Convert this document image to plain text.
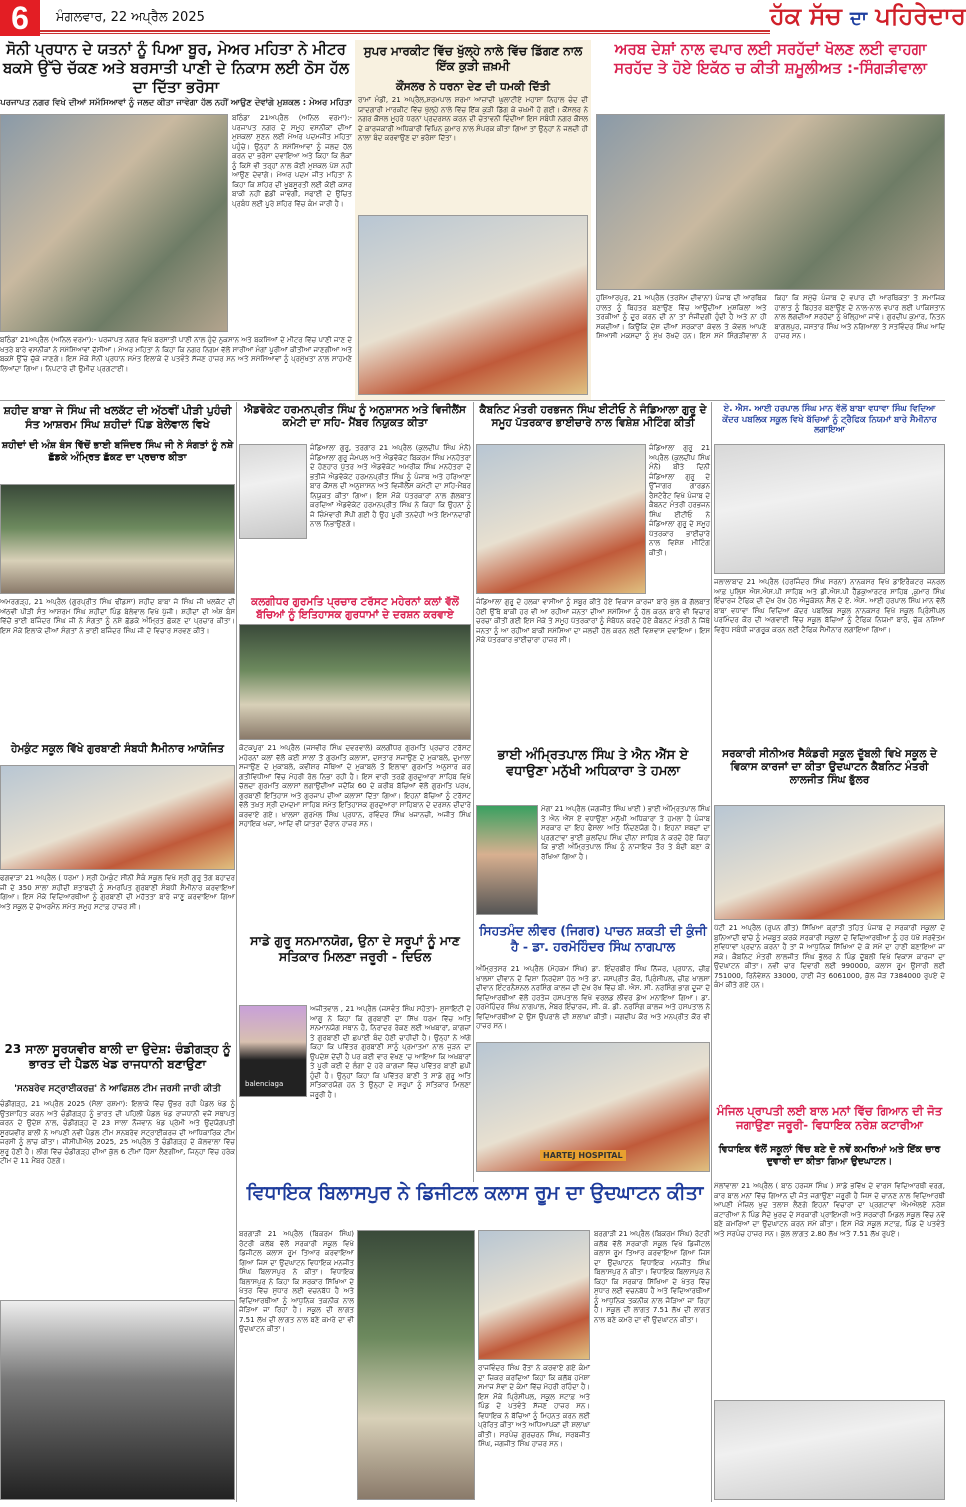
6	ਮੰਗਲਵਾਰ, 22 ਅਪ੍ਰੈਲ 2025	ਹੱਕ ਸੱਚ ਦਾ ਪਹਿਰੇਦਾਰ
ਸੋਨੀ ਪ੍ਰਧਾਨ ਦੇ ਯਤਨਾਂ ਨੂੰ ਪਿਆ ਬੂਰ, ਮੇਅਰ ਮਹਿਤਾ ਨੇ ਮੀਟਰ ਬਕਸੇ ਉੱਚੇ ਚੱਕਣ ਅਤੇ ਬਰਸਾਤੀ ਪਾਣੀ ਦੇ ਨਿਕਾਸ ਲਈ ਠੋਸ ਹੱਲ ਦਾ ਦਿੱਤਾ ਭਰੋਸਾ
ਪਰਜਾਪਤ ਨਗਰ ਵਿਖੇ ਦੀਆਂ ਸਮੱਸਿਆਵਾਂ ਨੂੰ ਜਲਦ ਕੀਤਾ ਜਾਵੇਗਾ ਹੱਲ ਨਹੀਂ ਆਉਣ ਦੇਵਾਂਗੇ ਮੁਸ਼ਕਲ : ਮੇਅਰ ਮਹਿਤਾ
ਬਠਿੰਡਾ 21ਅਪ੍ਰੈਲ (ਅਨਿਲ ਵਰਮਾ):- ਪਰਜਾਪਤ ਨਗਰ ਦੇ ਸਮੂਹ ਵਸਨੀਕਾਂ ਦੀਆਂ ਮੁਸ਼ਕਲਾਂ ਸੁਣਨ ਲਈ ਮੇਅਰ ਪਦਮਜੀਤ ਮਹਿਤਾ ਪਹੁੰਚੇ। ਉਨ੍ਹਾਂ ਨੇ ਸਮੱਸਿਆਵਾਂ ਨੂੰ ਜਲਦ ਹੱਲ ਕਰਨ ਦਾ ਭਰੋਸਾ ਦਵਾਇਆ ਅਤੇ ਕਿਹਾ ਕਿ ਲੋਕਾਂ ਨੂੰ ਕਿਸੇ ਵੀ ਤਰ੍ਹਾਂ ਨਾਲ ਕੋਈ ਮੁਸ਼ਕਲ ਪੇਸ਼ ਨਹੀਂ ਆਉਣ ਦੇਵਾਂਗੇ। ਮੇਅਰ ਪਦਮ ਜੀਤ ਮਹਿਤਾ ਨੇ ਕਿਹਾ ਕਿ ਸ਼ਹਿਰ ਦੀ ਖੂਬਸੂਰਤੀ ਲਈ ਕੋਈ ਕਸਰ ਬਾਕੀ ਨਹੀਂ ਛੱਡੀ ਜਾਵੇਗੀ, ਸਫਾਈ ਦੇ ਉਚਿਤ ਪ੍ਰਬੰਧ ਲਈ ਪੂਰੇ ਸ਼ਹਿਰ ਵਿੱਚ ਕੰਮ ਜਾਰੀ ਹੈ।
ਬਠਿੰਡਾ 21ਅਪ੍ਰੈਲ (ਅਨਿਲ ਵਰਮਾ):- ਪਰਜਾਪਤ ਨਗਰ ਵਿਖੇ ਬਰਸਾਤੀ ਪਾਣੀ ਨਾਲ ਹੁੰਦੇ ਨੁਕਸਾਨ ਅਤੇ ਬਕਸਿਆਂ ਦੇ ਮੀਟਰ ਵਿੱਚ ਪਾਣੀ ਜਾਣ ਦੇ ਖਤਰੇ ਬਾਰੇ ਵਸਨੀਕਾਂ ਨੇ ਸਮੱਸਿਆਵਾਂ ਦੱਸੀਆਂ। ਮੇਅਰ ਮਹਿਤਾ ਨੇ ਕਿਹਾ ਕਿ ਨਗਰ ਨਿਗਮ ਵੱਲੋਂ ਸਾਰੀਆਂ ਮੰਗਾਂ ਪੂਰੀਆਂ ਕੀਤੀਆਂ ਜਾਣਗੀਆਂ ਅਤੇ ਬਕਸੇ ਉੱਚੇ ਚੁੱਕੇ ਜਾਣਗੇ। ਇਸ ਮੌਕੇ ਸੋਨੀ ਪ੍ਰਧਾਨ ਸਮੇਤ ਇਲਾਕੇ ਦੇ ਪਤਵੰਤੇ ਸੱਜਣ ਹਾਜ਼ਰ ਸਨ ਅਤੇ ਸਮੱਸਿਆਵਾਂ ਨੂੰ ਪ੍ਰਮੁੱਖਤਾ ਨਾਲ ਸਾਹਮਣੇ ਲਿਆਂਦਾ ਗਿਆ। ਨਿਪਟਾਰੇ ਦੀ ਉਮੀਦ ਪ੍ਰਗਟਾਈ।
ਸੁਪਰ ਮਾਰਕੀਟ ਵਿੱਚ ਖੁੱਲ੍ਹੇ ਨਾਲੇ ਵਿੱਚ ਡਿੱਗਣ ਨਾਲ ਇੱਕ ਕੁੜੀ ਜ਼ਖ਼ਮੀ
ਕੌਂਸਲਰ ਨੇ ਧਰਨਾ ਦੇਣ ਦੀ ਧਮਕੀ ਦਿੱਤੀ
ਰਾਮਾਂ ਮੰਡੀ, 21 ਅਪ੍ਰੈਲ,ਸ਼ਰਮਪਾਲ ਸ਼ਰਮਾ ਆਜ਼ਾਦੀ ਘੁਲਾਟੀਏ ਮਹਾਸ਼ਾ ਨਿਹਾਲ ਚੰਦ ਦੀ ਯਾਦਗਾਰੀ ਮਾਰਕੀਟ ਵਿੱਚ ਖੁੱਲ੍ਹੇ ਨਾਲੇ ਵਿੱਚ ਇੱਕ ਕੁੜੀ ਡਿੱਗ ਕੇ ਜ਼ਖ਼ਮੀ ਹੋ ਗਈ। ਕੌਂਸਲਰ ਨੇ ਨਗਰ ਕੌਂਸਲ ਮੂਹਰੇ ਧਰਨਾ ਪ੍ਰਦਰਸ਼ਨ ਕਰਨ ਦੀ ਚੇਤਾਵਨੀ ਦਿੰਦੀਆਂ ਇਸ ਸਬੰਧੀ ਨਗਰ ਕੌਂਸਲ ਦੇ ਕਾਰਜਕਾਰੀ ਅਧਿਕਾਰੀ ਵਿਪਿਨ ਕੁਮਾਰ ਨਾਲ ਸੰਪਰਕ ਕੀਤਾ ਗਿਆ ਤਾਂ ਉਨ੍ਹਾਂ ਨੇ ਜਲਦੀ ਹੀ ਨਾਲਾ ਬੰਦ ਕਰਵਾਉਣ ਦਾ ਭਰੋਸਾ ਦਿੱਤਾ।
ਅਰਬ ਦੇਸ਼ਾਂ ਨਾਲ ਵਪਾਰ ਲਈ ਸਰਹੱਦਾਂ ਖੋਲਣ ਲਈ ਵਾਹਗਾ ਸਰਹੱਦ ਤੇ ਹੋਏ ਇਕੱਠ ਚ ਕੀਤੀ ਸ਼ਮੂਲੀਅਤ :-ਸਿੰਗੜੀਵਾਲਾ
ਹੁਸ਼ਿਆਰਪੁਰ, 21 ਅਪ੍ਰੈਲ (ਤਰਸੇਮ ਦੀਵਾਨਾ) ਪੰਜਾਬ ਦੀ ਆਰਥਿਕ ਹਾਲਤ ਨੂੰ ਬਿਹਤਰ ਬਣਾਉਣ ਵਿੱਚ ਆਉਂਦੀਆਂ ਮੁਸ਼ਕਿਲਾਂ ਅਤੇ ਤਰਕੀਆਂ ਨੂੰ ਦੂਰ ਕਰਨ ਦੀ ਨਾ ਤਾਂ ਸੰਜੀਦਗੀ ਹੁੰਦੀ ਹੈ ਅਤੇ ਨਾ ਹੀ ਸਕਦੀਆਂ। ਕਿਉਂਕਿ ਦੇਸ਼ ਦੀਆਂ ਸਰਕਾਰਾਂ ਕੇਵਲ ਤੇ ਕੇਵਲ ਆਪਣੇ ਸਿਆਸੀ ਮਕਸਦਾਂ ਨੂੰ ਮੁੱਖ ਰੱਖਦੇ ਹਨ। ਇਸ ਸਮੇਂ ਸਿੰਗੜੀਵਾਲਾ ਨੇ ਕਿਹਾ ਕਿ ਸਮੁੱਚੇ ਪੰਜਾਬ ਦੇ ਵਪਾਰ ਦੀ ਆਰਥਿਕਤਾ ਤੇ ਸਮਾਜਿਕ ਹਾਲਾਤ ਨੂੰ ਬਿਹਤਰ ਬਣਾਉਣ ਦੇ ਨਾਲ-ਨਾਲ ਵਪਾਰ ਲਈ ਪਾਕਿਸਤਾਨ ਨਾਲ ਲੱਗਦੀਆਂ ਸਰਹੱਦਾਂ ਨੂੰ ਖੋਲ੍ਹਿਆ ਜਾਵੇ। ਗੁਰਦੀਪ ਕੁਮਾਰ, ਨਿਤਨ ਬਾਗਲਪੁਰ, ਜਸਤਾਰ ਸਿੰਘ ਅਤੇ ਨਗਿਆਲਾ ਤੇ ਸਤਵਿੰਦਰ ਸਿੰਘ ਆਦਿ ਹਾਜ਼ਰ ਸਨ।
ਸ਼ਹੀਦ ਬਾਬਾ ਜੇ ਸਿੰਘ ਜੀ ਖਲਕੱਟ ਦੀ ਅੱਠਵੀਂ ਪੀੜੀ ਪੁਹੰਚੀ ਸੰਤ ਆਸ਼ਰਮ ਸਿੰਘ ਸ਼ਹੀਦਾਂ ਪਿੰਡ ਬੇਲੇਵਾਲ ਵਿਖੇ
ਸ਼ਹੀਦਾਂ ਦੀ ਅੰਸ਼ ਬੰਸ ਵਿੱਚੋਂ ਭਾਈ ਬਜਿੰਦਰ ਸਿੰਘ ਜੀ ਨੇ ਸੰਗਤਾਂ ਨੂੰ ਨਸ਼ੇ ਛੱਡਕੇ ਅੰਮ੍ਰਿਤ ਛੱਕਣ ਦਾ ਪ੍ਰਚਾਰ ਕੀਤਾ
ਅਮਰਗੜ੍ਹ, 21 ਅਪ੍ਰੈਲ (ਗੁਰਪ੍ਰੀਤ ਸਿੰਘ ਢੀਂਡਸਾ) ਸ਼ਹੀਦ ਬਾਬਾ ਜੇ ਸਿੰਘ ਜੀ ਖਲਕੱਟ ਦੀ ਅੱਠਵੀਂ ਪੀੜੀ ਸੰਤ ਆਸ਼ਰਮ ਸਿੰਘ ਸ਼ਹੀਦਾਂ ਪਿੰਡ ਬੇਲੇਵਾਲ ਵਿਖੇ ਪੁੱਜੀ। ਸ਼ਹੀਦਾਂ ਦੀ ਅੰਸ਼ ਬੰਸ ਵਿੱਚੋਂ ਭਾਈ ਬਜਿੰਦਰ ਸਿੰਘ ਜੀ ਨੇ ਸੰਗਤਾਂ ਨੂੰ ਨਸ਼ੇ ਛੱਡਕੇ ਅੰਮ੍ਰਿਤ ਛੱਕਣ ਦਾ ਪ੍ਰਚਾਰ ਕੀਤਾ। ਇਸ ਮੌਕੇ ਇਲਾਕੇ ਦੀਆਂ ਸੰਗਤਾਂ ਨੇ ਭਾਈ ਬਜਿੰਦਰ ਸਿੰਘ ਜੀ ਦੇ ਵਿਚਾਰ ਸਰਵਣ ਕੀਤੇ।
ਹੇਮਕੁੰਟ ਸਕੂਲ ਵਿੱਖੇ ਗੁਰਬਾਣੀ ਸੰਬਧੀ ਸੈਮੀਨਾਰ ਆਯੋਜਿਤ
ਫਗਵਾੜਾ 21 ਅਪ੍ਰੈਲ ( ਧਰਮਾ ) ਸ੍ਰੀ ਹੇਮਕੁੰਟ ਸੀਨੀ ਸੈਕੰ ਸਕੂਲ ਵਿਖੇ ਸ੍ਰੀ ਗੁਰੂ ਤੇਗ ਬਹਾਦਰ ਜੀ ਦੇ 350 ਸਾਲਾ ਸ਼ਹੀਦੀ ਸ਼ਤਾਬਦੀ ਨੂੰ ਸਮਰਪਿਤ ਗੁਰਬਾਣੀ ਸੰਬਧੀ ਸੈਮੀਨਾਰ ਕਰਵਾਇਆ ਗਿਆ। ਇਸ ਮੌਕੇ ਵਿਦਿਆਰਥੀਆਂ ਨੂੰ ਗੁਰਬਾਣੀ ਦੀ ਮਹੱਤਤਾ ਬਾਰੇ ਜਾਣੂ ਕਰਵਾਇਆ ਗਿਆ ਅਤੇ ਸਕੂਲ ਦੇ ਚੇਅਰਮੈਨ ਸਮੇਤ ਸਮੂਹ ਸਟਾਫ਼ ਹਾਜ਼ਰ ਸੀ।
23 ਸਾਲਾ ਸੂਰਯਵੀਰ ਬਾਲੀ ਦਾ ਉਦੇਸ਼: ਚੰਡੀਗੜ੍ਹ ਨੂੰ ਭਾਰਤ ਦੀ ਪੈਡਲ ਖੇਡ ਰਾਜਧਾਨੀ ਬਣਾਉਣਾ
'ਸਨਬਰੇਵ ਸਟ੍ਰਾਈਕਰਜ਼' ਨੇ ਆਫਿਸ਼ਲ ਟੀਮ ਜਰਸੀ ਜਾਰੀ ਕੀਤੀ
ਚੰਡੀਗੜ੍ਹ, 21 ਅਪ੍ਰੈਲ 2025 (ਸੋਲਾ ਰਸ਼ਮਾ): ਇਲਾਕੇ ਵਿੱਚ ਉਭਰ ਰਹੀ ਪੈਡਲ ਖੇਡ ਨੂੰ ਉਤਸ਼ਾਹਿਤ ਕਰਨ ਅਤੇ ਚੰਡੀਗੜ੍ਹ ਨੂੰ ਭਾਰਤ ਦੀ ਪਹਿਲੀ ਪੈਡਲ ਖੇਡ ਰਾਜਧਾਨੀ ਵਜੋਂ ਸਥਾਪਤ ਕਰਨ ਦੇ ਉਦੇਸ਼ ਨਾਲ, ਚੰਡੀਗੜ੍ਹ ਦੇ 23 ਸਾਲਾ ਨੌਜਵਾਨ ਖੇਡ ਪ੍ਰੇਮੀ ਅਤੇ ਉਦਯੋਗਪਤੀ ਸੂਰਯਵੀਰ ਬਾਲੀ ਨੇ ਆਪਣੀ ਨਵੀਂ ਪੈਡਲ ਟੀਮ ਸਨਬਰੇਵ ਸਟ੍ਰਾਈਕਰਜ਼ ਦੀ ਆਧਿਕਾਰਿਕ ਟੀਮ ਜਰਸੀ ਨੂੰ ਲਾਂਚ ਕੀਤਾ। ਜੀਸੀਪੀਐਲ 2025, 25 ਅਪ੍ਰੈਲ ਤੋਂ ਚੰਡੀਗੜ੍ਹ ਦੇ ਕੋਲਵਾਲਾ ਵਿੱਚ ਸ਼ੁਰੂ ਹੋਣੀ ਹੈ। ਲੀਗ ਵਿੱਚ ਚੰਡੀਗੜ੍ਹ ਦੀਆਂ ਕੁੱਲ 6 ਟੀਮਾਂ ਹਿੱਸਾ ਲੈਣਗੀਆਂ, ਜਿਨ੍ਹਾਂ ਵਿੱਚ ਹਰੇਕ ਟੀਮ ਦੇ 11 ਮੈਂਬਰ ਹੋਣਗੇ।
ਐਡਵੋਕੇਟ ਹਰਮਨਪ੍ਰੀਤ ਸਿੰਘ ਨੂੰ ਅਨੁਸ਼ਾਸਨ ਅਤੇ ਵਿਜੀਲੈਂਸ ਕਮੇਟੀ ਦਾ ਸਹਿ- ਮੈਂਬਰ ਨਿਯੁਕਤ ਕੀਤਾ
ਜੰਡਿਆਲਾ ਗੁਰੂ, ਤਰਗਾਰ 21 ਅਪ੍ਰੈਲ (ਕੁਲਦੀਪ ਸਿੰਘ ਮੰਨੋਂ) ਜੰਡਿਆਲਾ ਗੁਰੂ ਜੰਮਪਲ ਅਤੇ ਐਡਵੋਕੇਟ ਬਿਕਰਮ ਸਿੰਘ ਮਨਹੋਤਰਾ ਦੇ ਹੋਣਹਾਰ ਪੁੱਤਰ ਅਤੇ ਐਡਵੋਕੇਟ ਅਮਰੀਕ ਸਿੰਘ ਮਨਹੋਤਰਾ ਦੇ ਭਤੀਜੇ ਐਡਵੋਕੇਟ ਹਰਮਨਪ੍ਰੀਤ ਸਿੰਘ ਨੂੰ ਪੰਜਾਬ ਅਤੇ ਹਰਿਆਣਾ ਬਾਰ ਕੌਂਸਲ ਦੀ ਅਨੁਸ਼ਾਸਨ ਅਤੇ ਵਿਜੀਲੈਂਸ ਕਮੇਟੀ ਦਾ ਸਹਿ-ਮੈਂਬਰ ਨਿਯੁਕਤ ਕੀਤਾ ਗਿਆ। ਇਸ ਮੌਕੇ ਪੱਤਰਕਾਰਾਂ ਨਾਲ ਗੱਲਬਾਤ ਕਰਦਿਆਂ ਐਡਵੋਕੇਟ ਹਰਮਨਪ੍ਰੀਤ ਸਿੰਘ ਨੇ ਕਿਹਾ ਕਿ ਉਹਨਾਂ ਨੂੰ ਜੋ ਜ਼ਿੰਮੇਵਾਰੀ ਸੌਂਪੀ ਗਈ ਹੈ ਉਹ ਪੂਰੀ ਤਨਦੇਹੀ ਅਤੇ ਇਮਾਨਦਾਰੀ ਨਾਲ ਨਿਭਾਉਣਗੇ।
ਕਲਗੀਧਰ ਗੁਰਮਤਿ ਪ੍ਰਚਾਰ ਟਰੱਸਟ ਮਹੇਰਨਾਂ ਕਲਾਂ ਵੱਲੋਂ ਬੱਚਿਆਂ ਨੂੰ ਇਤਿਹਾਸਕ ਗੁਰਧਾਮਾਂ ਦੇ ਦਰਸ਼ਨ ਕਰਵਾਏ
ਕੋਟਕਪੂਰਾ 21 ਅਪ੍ਰੈਲ (ਜਸਵੀਰ ਸਿੰਘ ਦਵਰਵਾਲੇ) ਕਲਗੀਧਰ ਗੁਰਮਤਿ ਪ੍ਰਚਾਰ ਟਰੱਸਟ ਮਹੇਰਨਾਂ ਕਲਾਂ ਵੱਲੋਂ ਕਈ ਸਾਲਾਂ ਤੋਂ ਗੁਰਮਤਿ ਕਲਾਸਾਂ, ਦਸਤਾਰ ਸਜਾਉਣ ਦੇ ਮੁਕਾਬਲੇ, ਦੁਮਾਲਾ ਸਜਾਉਣ ਦੇ ਮੁਕਾਬਲੇ, ਕਵੀਸ਼ਰ ਜੱਥਿਆਂ ਦੇ ਮੁਕਾਬਲੇ ਤੋਂ ਇਲਾਵਾ ਗੁਰਮਤਿ ਅਨੁਸਾਰ ਕਰ ਗਤੀਵਿਧੀਆਂ ਵਿੱਚ ਮੋਹਰੀ ਰੋਲ ਨਿਭਾ ਰਹੀ ਹੈ। ਇਸ ਵਾਰੀ ਤਰਫ਼ੋਂ ਗੁਰਦੁਆਰਾ ਸਾਹਿਬ ਵਿਖੇ ਚੱਲਦਾ ਗੁਰਮਤਿ ਕਲਾਸਾਂ ਲਗਾਉਂਦੀਆਂ ਜਦੋਂਕਿ 60 ਦੇ ਕਰੀਬ ਬੱਚਿਆਂ ਵੱਲੋਂ ਗੁਰਮਤਿ ਪਰਖ, ਗੁਰਬਾਣੀ ਇਤਿਹਾਸ ਅਤੇ ਗੁਰਜਾਪ ਦੀਆਂ ਕਲਾਸਾਂ ਦਿੱਤਾ ਗਿਆ। ਇਹਨਾਂ ਬੱਚਿਆਂ ਨੂੰ ਟਰੱਸਟ ਵੱਲੋਂ ਤਖ਼ਤ ਸ੍ਰੀ ਦਮਦਮਾ ਸਾਹਿਬ ਸਮੇਤ ਇਤਿਹਾਸਕ ਗੁਰਦੁਆਰਾ ਸਾਹਿਬਾਨ ਦੇ ਦਰਸ਼ਨ ਦੀਦਾਰੇ ਕਰਵਾਏ ਗਏ। ਖਾਲਸਾ ਗੁਰਮੇਲ ਸਿੰਘ ਪ੍ਰਧਾਨ, ਰਵਿੰਦਰ ਸਿੰਘ ਖਜਾਨਚੀ, ਅਜੀਤ ਸਿੰਘ ਸਹਾਇਕ ਖਜ਼ਾ, ਆਦਿ ਵੀ ਯਾਤਰਾ ਦੌਰਾਨ ਹਾਜ਼ਰ ਸਨ।
ਸਾਡੇ ਗੁਰੂ ਸਨਮਾਨਯੋਗ, ਉਨਾ ਦੇ ਸਰੂਪਾਂ ਨੂੰ ਮਾਣ ਸਤਿਕਾਰ ਮਿਲਣਾ ਜਰੂਰੀ - ਦਿਓਲ
balenciaga
ਅਜੀਤਵਾਲ , 21 ਅਪ੍ਰੈਲ (ਜਸਵੰਤ ਸਿੰਘ ਸਹੋਤਾ)- ਸੁਸਾਇਟੀ ਦੇ ਆਗੂ ਨੇ ਕਿਹਾ ਕਿ ਗੁਰਬਾਣੀ ਦਾ ਸਿੱਖ ਧਰਮ ਵਿੱਚ ਅਤਿ ਸਨਮਾਨਯੋਗ ਸਥਾਨ ਹੈ, ਨਿਰਾਦਰ ਰੋਕਣ ਲਈ ਅਖ਼ਬਾਰਾਂ, ਕਾਗਜ਼ਾਂ ਤੇ ਗੁਰਬਾਣੀ ਦੀ ਛਪਾਈ ਬੰਦ ਹੋਣੀ ਚਾਹੀਦੀ ਹੈ। ਉਨ੍ਹਾਂ ਨੇ ਅੱਗੇ ਕਿਹਾ ਕਿ ਪਵਿੱਤਰ ਗੁਰਬਾਣੀ ਸਾਨੂੰ ਪ੍ਰਮਾਤਮਾ ਨਾਲ ਜੁੜਨ ਦਾ ਉਪਦੇਸ਼ ਦੇਂਦੀ ਹੈ ਪਰ ਕਈ ਵਾਰ ਵੇਖਣ 'ਚ ਆਇਆ ਕਿ ਅਖ਼ਬਾਰਾਂ ਤੇ ਪੂਰੀ ਕਈ ਦੇ ਲੰਗਾ ਦੇ ਹਰੇ ਕਾਗਜ਼ਾਂ ਵਿੱਚ ਪਵਿੱਤਰ ਬਾਣੀ ਛਪੀ ਹੁੰਦੀ ਹੈ। ਉਨ੍ਹਾਂ ਕਿਹਾ ਕਿ ਪਵਿੱਤਰ ਬਾਣੀ ਤੇ ਸਾਡੇ ਗੁਰੂ ਅਤਿ ਸਤਿਕਾਰਯੋਗ ਹਨ ਤੇ ਉਨ੍ਹਾਂ ਦੇ ਸਰੂਪਾਂ ਨੂੰ ਸਤਿਕਾਰ ਮਿਲਣਾ ਜਰੂਰੀ ਹੈ।
ਕੈਬਨਿਟ ਮੰਤਰੀ ਹਰਭਜਨ ਸਿੰਘ ਈਟੀਓ ਨੇ ਜੰਡਿਆਲਾ ਗੁਰੂ ਦੇ ਸਮੂਹ ਪੱਤਰਕਾਰ ਭਾਈਚਾਰੇ ਨਾਲ ਵਿਸ਼ੇਸ਼ ਮੀਟਿੰਗ ਕੀਤੀ
ਜੰਡਿਆਲਾ ਗੁਰੂ 21 ਅਪ੍ਰੈਲ (ਕੁਲਦੀਪ ਸਿੰਘ ਮੰਨੋਂ) ਬੀਤੇ ਦਿਨੀ ਜੰਡਿਆਲਾ ਗੁਰੂ ਦੇ ਉੱਜਾਗਰ ਗਾਰਡਨ ਰੈਸਟੋਰੈਂਟ ਵਿਖੇ ਪੰਜਾਬ ਦੇ ਕੈਬਨਟ ਮੰਤਰੀ ਹਰਭਜਨ ਸਿੰਘ ਈਟੀਓ ਨੇ ਜੰਡਿਆਲਾ ਗੁਰੂ ਦੇ ਸਮੂਹ ਪੱਤਰਕਾਰ ਭਾਈਚਾਰੇ ਨਾਲ ਵਿਸ਼ੇਸ਼ ਮੀਟਿੰਗ ਕੀਤੀ।
ਜੰਡਿਆਲਾ ਗੁਰੂ ਦੇ ਹਲਕਾ ਵਾਸੀਆਂ ਨੂੰ ਸਬੂਰ ਕੀਤੇ ਹੋਏ ਵਿਕਾਸ ਕਾਰਜਾਂ ਬਾਰੇ ਖੁੱਲ ਕੇ ਗੱਲਬਾਤ ਹੋਈ ਉੱਥੇ ਬਾਕੀ ਹਰ ਵੀ ਆ ਰਹੀਆਂ ਜਨਤਾ ਦੀਆਂ ਸਮੱਸਿਆ ਨੂੰ ਹੱਲ ਕਰਨ ਬਾਰੇ ਵੀ ਵਿਚਾਰ ਚਰਚਾ ਕੀਤੀ ਗਈ ਇਸ ਮੌਕੇ ਤੇ ਸਮੂਹ ਪੱਤਰਕਾਰਾਂ ਨੂੰ ਸੰਬੋਧਨ ਕਰਦੇ ਹੋਏ ਕੈਬਨਟ ਮੰਤਰੀ ਨੇ ਜਿੱਥੇ ਜਨਤਾ ਨੂੰ ਆ ਰਹੀਆਂ ਬਾਕੀ ਸਮੱਸਿਆ ਦਾ ਜਲਦੀ ਹੱਲ ਕਰਨ ਲਈ ਵਿਸ਼ਵਾਸ ਦਵਾਇਆ। ਇਸ ਮੌਕੇ ਪੱਤਰਕਾਰ ਭਾਈਚਾਰਾ ਹਾਜ਼ਰ ਸੀ।
ਭਾਈ ਅੰਮ੍ਰਿਤਪਾਲ ਸਿੰਘ ਤੇ ਐਨ ਐੱਸ ਏ ਵਧਾਉਣਾ ਮਨੁੱਖੀ ਅਧਿਕਾਰਾ ਤੇ ਹਮਲਾ
ਮੋਗਾ 21 ਅਪ੍ਰੈਲ (ਜਗਜੀਤ ਸਿੰਘ ਖਾਈ ) ਭਾਈ ਅੰਮ੍ਰਿਤਪਾਲ ਸਿੰਘ ਤੇ ਐਨ ਐੱਸ ਏ ਵਧਾਉਣਾ ਮਨੁੱਖੀ ਅਧਿਕਾਰਾ ਤੇ ਹਮਲਾ ਹੈ ਪੰਜਾਬ ਸਰਕਾਰ ਦਾ ਇਹ ਫੈਸਲਾ ਅਤਿ ਨਿੰਦਣਯੋਗ ਹੈ। ਇਹਨਾਂ ਸ਼ਬਦਾਂ ਦਾ ਪ੍ਰਗਟਾਵਾ ਭਾਈ ਕੁਲਦਿਪ ਸਿੰਘ ਦੀਨਾ ਸਾਹਿਬ ਨੇ ਕਰਦੇ ਹੋਏ ਕਿਹਾ ਕਿ ਭਾਈ ਅੰਮ੍ਰਿਤਪਾਲ ਸਿੰਘ ਨੂੰ ਨਾਜਾਇਜ਼ ਤੌਰ ਤੇ ਬੰਦੀ ਬਣਾ ਕੇ ਰੱਖਿਆ ਗਿਆ ਹੈ।
ਸਿਹਤਮੰਦ ਲੀਵਰ (ਜਿਗਰ) ਪਾਚਨ ਸ਼ਕਤੀ ਦੀ ਕੁੰਜੀ ਹੈ - ਡਾ. ਹਰਮੋਹਿੰਦਰ ਸਿੰਘ ਨਾਗਪਾਲ
ਅੰਮ੍ਰਿਤਸਰ 21 ਅਪ੍ਰੈਲ (ਮੋਹਕਮ ਸਿੰਘ) ਡਾ. ਇੰਦਰਬੀਰ ਸਿੰਘ ਨਿੱਜਰ, ਪ੍ਰਧਾਨ, ਚੀਫ਼ ਖਾਲਸਾ ਦੀਵਾਨ ਦੇ ਦਿਸ਼ਾ ਨਿਰਦੇਸ਼ਾਂ ਹੇਠ ਅਤੇ ਡਾ. ਜਸਪ੍ਰੀਤ ਕੌਰ, ਪ੍ਰਿੰਸੀਪਲ, ਚੀਫ਼ ਖਾਲਸਾ ਦੀਵਾਨ ਇੰਟਰਨੈਸ਼ਨਲ ਨਰਸਿੰਗ ਕਾਲਜ ਦੀ ਦੇਖ ਰੇਖ ਵਿੱਚ ਬੀ. ਐਸ. ਸੀ. ਨਰਸਿੰਗ ਭਾਗ ਦੂਜਾ ਦੇ ਵਿਦਿਆਰਥੀਆਂ ਵੱਲੋਂ ਹਰਤੇਜ ਹਸਪਤਾਲ ਵਿਖੇ ਵਰਲਡ ਲੀਵਰ ਡੇਅ ਮਨਾਇਆ ਗਿਆ। ਡਾ. ਹਰਮੋਹਿੰਦਰ ਸਿੰਘ ਨਾਗਪਾਲ, ਮੈਂਬਰ ਇੰਚਾਰਜ, ਸੀ. ਕੇ. ਡੀ. ਨਰਸਿੰਗ ਕਾਲਜ ਅਤੇ ਹਸਪਤਾਲ ਨੇ ਵਿਦਿਆਰਥੀਆਂ ਦੇ ਉਸ ਉਪਰਾਲੇ ਦੀ ਸ਼ਲਾਘਾ ਕੀਤੀ। ਜਗਦੀਪ ਕੌਰ ਅਤੇ ਮਨਪ੍ਰੀਤ ਕੌਰ ਵੀ ਹਾਜ਼ਰ ਸਨ।
HARTEJ HOSPITAL
ਏ. ਐਸ. ਆਈ ਹਰਪਾਲ ਸਿੰਘ ਮਾਨ ਵੱਲੋਂ ਬਾਬਾ ਵਧਾਵਾ ਸਿੰਘ ਵਿਦਿਆ ਕੇਂਦਰ ਪਬਲਿਕ ਸਕੂਲ ਵਿਖੇ ਬੱਚਿਆਂ ਨੂੰ ਟ੍ਰੈਫਿਕ ਨਿਯਮਾਂ ਬਾਰੇ ਸੈਮੀਨਾਰ ਲਗਾਇਆ
ਜਲਾਲਾਬਾਦ 21 ਅਪ੍ਰੈਲ (ਹਰਜਿੰਦਰ ਸਿੰਘ ਸਰਨਾ) ਨਾਨਕਸਰ ਵਿਖੇ ਡਾਇਰੈਕਟਰ ਜਨਰਲ ਆਫ਼ ਪੁਲਿਸ ਐਸ.ਐਸ.ਪੀ ਸਾਹਿਬ ਅਤੇ ਡੀ.ਐਸ.ਪੀ ਹੈੱਡਕੁਆਰਟਰ ਸਾਹਿਬ ,ਕੁਮਾਰ ਸਿੰਘ ਇੰਚਾਰਜ ਟੈਫਿਕ ਦੀ ਦੇਖ ਰੇਖ ਹੇਠ ਐਜੂਕੇਸ਼ਨ ਸੈੱਲ ਦੇ ਏ. ਐਸ. ਆਈ ਹਰਪਾਲ ਸਿੰਘ ਮਾਨ ਵੱਲੋਂ ਬਾਬਾ ਵਧਾਵਾ ਸਿੰਘ ਵਿਦਿਆ ਕੇਂਦਰ ਪਬਲਿਕ ਸਕੂਲ ਨਾਨਕਸਰ ਵਿਖੇ ਸਕੂਲ ਪ੍ਰਿੰਸੀਪਲ ਪਰਮਿੰਦਰ ਕੌਰ ਦੀ ਅਗਵਾਈ ਵਿੱਚ ਸਕੂਲ ਬੱਚਿਆਂ ਨੂੰ ਟੈਫਿਕ ਨਿਯਮਾਂ ਬਾਰੇ, ਚੁੱਕ ਨਸ਼ਿਆ ਵਿਰੁੱਧ ਸਬੰਧੀ ਜਾਗਰੂਕ ਕਰਨ ਲਈ ਟੈਫਿਕ ਸੈਮੀਨਾਰ ਲਗਾਇਆ ਗਿਆ।
ਸਰਕਾਰੀ ਸੀਨੀਅਰ ਸੈਕੰਡਰੀ ਸਕੂਲ ਦੂੱਬਲੀ ਵਿਖੇ ਸਕੂਲ ਦੇ ਵਿਕਾਸ ਕਾਰਜਾਂ ਦਾ ਕੀਤਾ ਉਦਘਾਟਨ ਕੈਬਨਿਟ ਮੰਤਰੀ ਲਾਲਜੀਤ ਸਿੰਘ ਭੁੱਲਰ
ਪੱਟੀ 21 ਅਪ੍ਰੈਲ (ਰੁਪਨ ਗੀਤ) ਸਿੱਖਿਆ ਕ੍ਰਾਂਤੀ ਤਹਿਤ ਪੰਜਾਬ ਦੇ ਸਰਕਾਰੀ ਸਕੂਲਾਂ ਦੇ ਬੁਨਿਆਦੀ ਢਾਂਚੇ ਨੂੰ ਮਜ਼ਬੂਤ ਕਰਕੇ ਸਰਕਾਰੀ ਸਕੂਲਾਂ ਦੇ ਵਿਦਿਆਰਥੀਆਂ ਨੂੰ ਹਰ ਪੱਖੋਂ ਸਰਵੋਤਮ ਸੁਵਿਧਾਵਾਂ ਪ੍ਰਦਾਨ ਕਰਨਾ ਹੈ ਤਾਂ ਜੋ ਆਧੁਨਿਕ ਸਿੱਖਿਆ ਦੇ ਕੇ ਸਮੇਂ ਦਾ ਹਾਣੀ ਬਣਾਇਆ ਜਾ ਸਕੇ। ਕੈਬਨਿਟ ਮੰਤਰੀ ਲਾਲਜੀਤ ਸਿੰਘ ਭੁੱਲਰ ਨੇ ਪਿੰਡ ਦੂੱਬਲੀ ਵਿਖੇ ਵਿਕਾਸ ਕਾਰਜਾਂ ਦਾ ਉਦਘਾਟਨ ਕੀਤਾ। ਨਵੀਂ ਚਾਰ ਦਿਵਾਰੀ ਲਈ 990000, ਕਲਾਸ ਰੂਮ ਉਸਾਰੀ ਲਈ 751000, ਰਿਨੋਵੇਸ਼ਨ 33000, ਹਾਈ ਜੋਤ 6061000, ਕੁੱਲ ਜੋੜ 7384000 ਰੁਪਏ ਦੇ ਕੰਮ ਕੀਤੇ ਗਏ ਹਨ।
ਮੰਜਿਲ ਪ੍ਰਾਪਤੀ ਲਈ ਬਾਲ ਮਨਾਂ ਵਿੱਚ ਗਿਆਨ ਦੀ ਜੋਤ ਜਗਾਉਣਾ ਜਰੂਰੀ- ਵਿਧਾਇਕ ਨਰੇਸ਼ ਕਟਾਰੀਆ
ਵਿਧਾਇਕ ਵੱਲੋਂ ਸਕੂਲਾਂ ਵਿੱਚ ਬਣੇ ਦੋ ਨਵੇਂ ਕਮਰਿਆਂ ਅਤੇ ਇੱਕ ਚਾਰ ਦੁਵਾਰੀ ਦਾ ਕੀਤਾ ਗਿਆ ਉਦਘਾਟਨ।
ਮੱਲਾਂਵਾਲਾ 21 ਅਪ੍ਰੈਲ ( ਬਾਠ ਹਰਜਸ ਸਿੰਘ ) ਸਾਡੇ ਭਵਿੱਖ ਦੇ ਵਾਰਸ ਵਿਦਿਆਰਥੀ ਵਰਗ, ਕਾਰ ਬਾਲ ਮਨਾਂ ਵਿੱਚ ਗਿਆਨ ਦੀ ਜੋਤ ਜਗਾਉਣਾ ਜਰੂਰੀ ਹੈ ਜਿਸ ਦੇ ਚਾਨਣ ਨਾਲ ਵਿਦਿਆਰਥੀ ਆਪਣੀ ਮੰਜ਼ਿਲ ਖੁਦ ਤਲਾਸ਼ ਲੈਣਗੇ ਇਹਨਾਂ ਵਿਚਾਰਾਂ ਦਾ ਪ੍ਰਗਟਾਵਾ ਐਮਐਲਏ ਨਰੇਸ਼ ਕਟਾਰੀਆ ਨੇ ਪਿੰਡ ਸੈਦੇ ਖੁਰਦ ਦੇ ਸਰਕਾਰੀ ਪ੍ਰਾਇਮਰੀ ਅਤੇ ਸਰਕਾਰੀ ਮਿਡਲ ਸਕੂਲ ਵਿੱਚ ਨਵੇਂ ਬਣੇ ਕਮਰਿਆਂ ਦਾ ਉਦਘਾਟਨ ਕਰਨ ਸਮੇਂ ਕੀਤਾ। ਇਸ ਮੌਕੇ ਸਕੂਲ ਸਟਾਫ਼, ਪਿੰਡ ਦੇ ਪਤਵੰਤੇ ਅਤੇ ਸਰਪੰਚ ਹਾਜ਼ਰ ਸਨ। ਕੁੱਲ ਲਾਗਤ 2.80 ਲੱਖ ਅਤੇ 7.51 ਲੱਖ ਰੁਪਏ।
ਵਿਧਾਇਕ ਬਿਲਾਸਪੁਰ ਨੇ ਡਿਜੀਟਲ ਕਲਾਸ ਰੂਮ ਦਾ ਉਦਘਾਟਨ ਕੀਤਾ
ਬਰਗਾੜੀ 21 ਅਪ੍ਰੈਲ (ਬਿਕਰਮ ਸਿੰਘ) ਰੋਟਰੀ ਕਲੱਬ ਵੱਲੋਂ ਸਰਕਾਰੀ ਸਕੂਲ ਵਿਖੇ ਡਿਜੀਟਲ ਕਲਾਸ ਰੂਮ ਤਿਆਰ ਕਰਵਾਇਆ ਗਿਆ ਜਿਸ ਦਾ ਉਦਘਾਟਨ ਵਿਧਾਇਕ ਮਨਜੀਤ ਸਿੰਘ ਬਿਲਾਸਪੁਰ ਨੇ ਕੀਤਾ। ਵਿਧਾਇਕ ਬਿਲਾਸਪੁਰ ਨੇ ਕਿਹਾ ਕਿ ਸਰਕਾਰ ਸਿੱਖਿਆ ਦੇ ਖੇਤਰ ਵਿੱਚ ਸੁਧਾਰ ਲਈ ਵਚਨਬੱਧ ਹੈ ਅਤੇ ਵਿਦਿਆਰਥੀਆਂ ਨੂੰ ਆਧੁਨਿਕ ਤਕਨੀਕ ਨਾਲ ਜੋੜਿਆ ਜਾ ਰਿਹਾ ਹੈ। ਸਕੂਲ ਦੀ ਲਾਗਤ 7.51 ਲੱਖ ਦੀ ਲਾਗਤ ਨਾਲ ਬਣੇ ਕਮਰੇ ਦਾ ਵੀ ਉਦਘਾਟਨ ਕੀਤਾ।
ਰਾਜਵਿੰਦਰ ਸਿੰਘ ਰੌਂਤਾ ਨੇ ਕਰਵਾਏ ਗਏ ਕੰਮਾਂ ਦਾ ਜ਼ਿਕਰ ਕਰਦਿਆਂ ਕਿਹਾ ਕਿ ਕਲੱਬ ਹਮੇਸ਼ਾ ਸਮਾਜ ਸੇਵਾ ਦੇ ਕੰਮਾਂ ਵਿੱਚ ਮੋਹਰੀ ਰਹਿੰਦਾ ਹੈ। ਇਸ ਮੌਕੇ ਪ੍ਰਿੰਸੀਪਲ, ਸਕੂਲ ਸਟਾਫ਼ ਅਤੇ ਪਿੰਡ ਦੇ ਪਤਵੰਤੇ ਸੱਜਣ ਹਾਜ਼ਰ ਸਨ। ਵਿਧਾਇਕ ਨੇ ਬੱਚਿਆਂ ਨੂੰ ਮਿਹਨਤ ਕਰਨ ਲਈ ਪ੍ਰੇਰਿਤ ਕੀਤਾ ਅਤੇ ਅਧਿਆਪਕਾਂ ਦੀ ਸ਼ਲਾਘਾ ਕੀਤੀ। ਸਰਪੰਚ ਗੁਰਚਰਨ ਸਿੰਘ, ਸਰਬਜੀਤ ਸਿੰਘ, ਜਗਜੀਤ ਸਿੰਘ ਹਾਜ਼ਰ ਸਨ।
ਬਰਗਾੜੀ 21 ਅਪ੍ਰੈਲ (ਬਿਕਰਮ ਸਿੰਘ) ਰੋਟਰੀ ਕਲੱਬ ਵੱਲੋਂ ਸਰਕਾਰੀ ਸਕੂਲ ਵਿਖੇ ਡਿਜੀਟਲ ਕਲਾਸ ਰੂਮ ਤਿਆਰ ਕਰਵਾਇਆ ਗਿਆ ਜਿਸ ਦਾ ਉਦਘਾਟਨ ਵਿਧਾਇਕ ਮਨਜੀਤ ਸਿੰਘ ਬਿਲਾਸਪੁਰ ਨੇ ਕੀਤਾ। ਵਿਧਾਇਕ ਬਿਲਾਸਪੁਰ ਨੇ ਕਿਹਾ ਕਿ ਸਰਕਾਰ ਸਿੱਖਿਆ ਦੇ ਖੇਤਰ ਵਿੱਚ ਸੁਧਾਰ ਲਈ ਵਚਨਬੱਧ ਹੈ ਅਤੇ ਵਿਦਿਆਰਥੀਆਂ ਨੂੰ ਆਧੁਨਿਕ ਤਕਨੀਕ ਨਾਲ ਜੋੜਿਆ ਜਾ ਰਿਹਾ ਹੈ। ਸਕੂਲ ਦੀ ਲਾਗਤ 7.51 ਲੱਖ ਦੀ ਲਾਗਤ ਨਾਲ ਬਣੇ ਕਮਰੇ ਦਾ ਵੀ ਉਦਘਾਟਨ ਕੀਤਾ।
